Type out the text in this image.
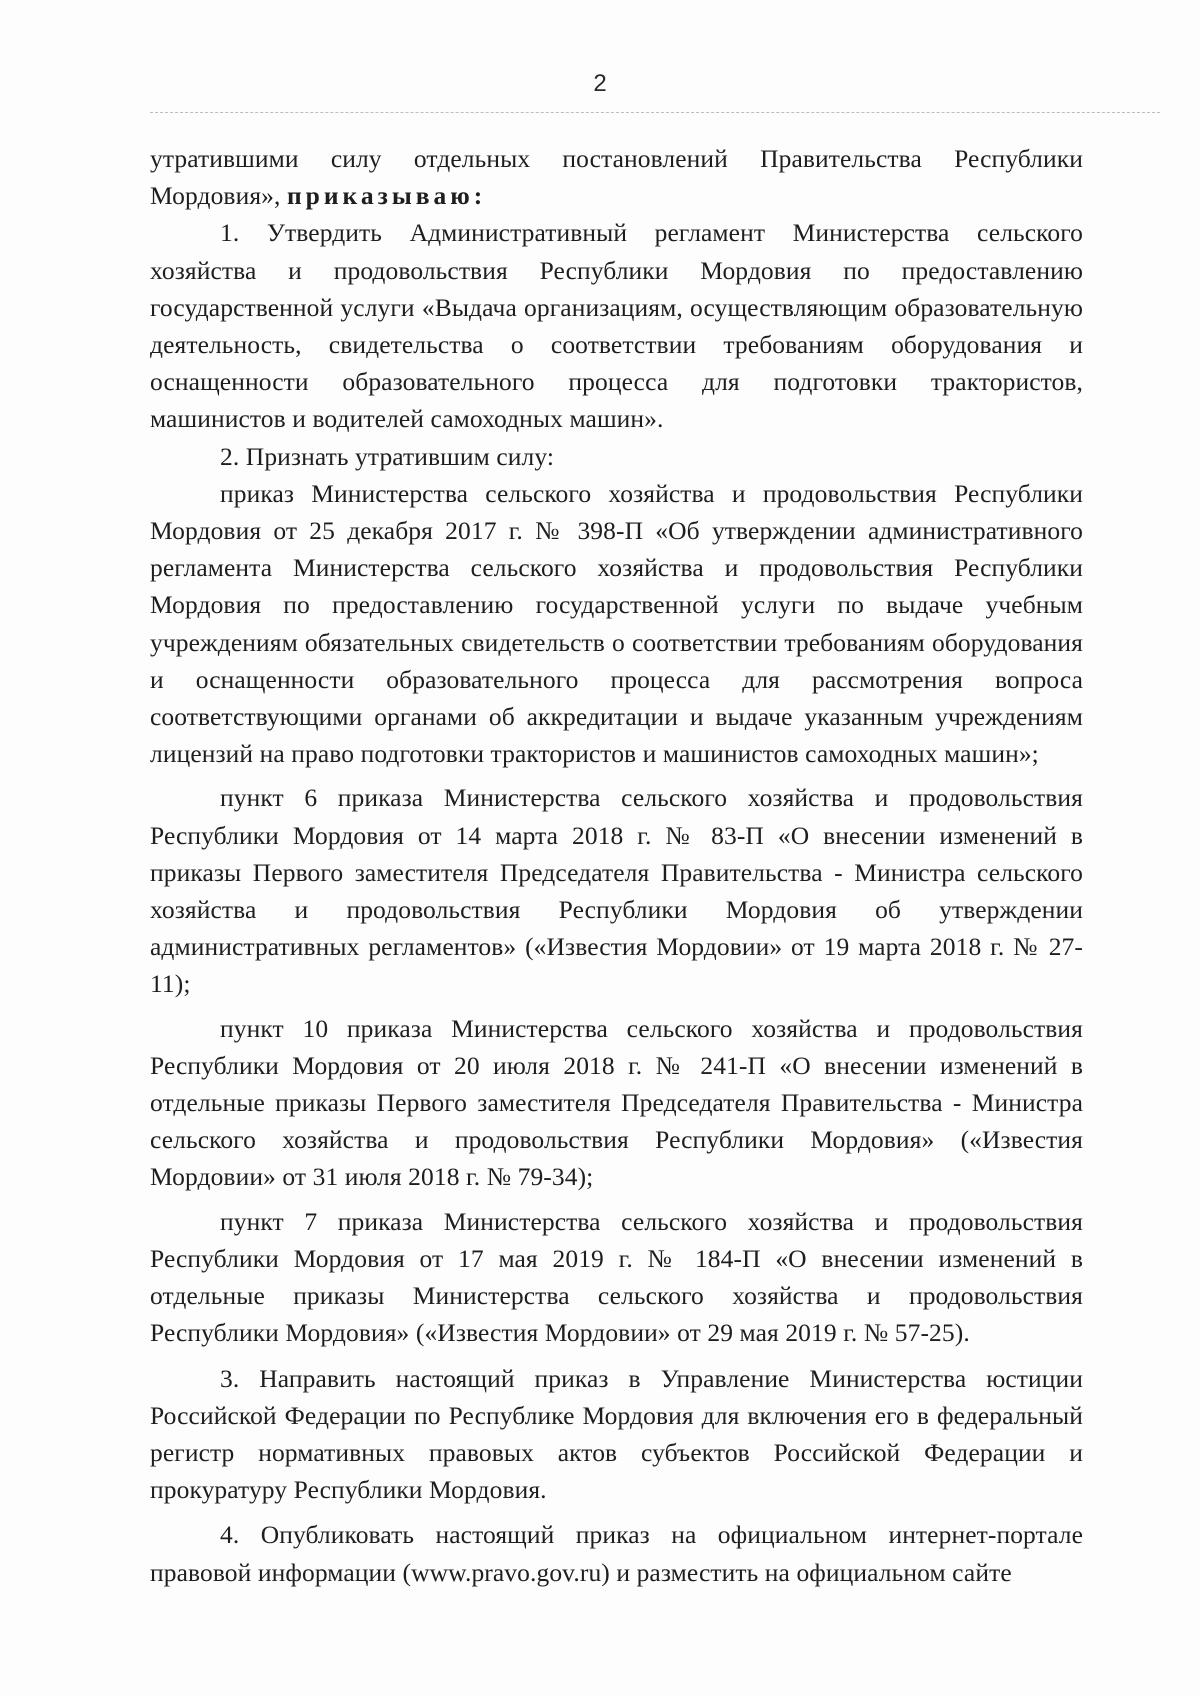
2

утратившими силу отдельных постановлений Правительства Республики Мордовия», приказываю:

1. Утвердить Административный регламент Министерства сельского хозяйства и продовольствия Республики Мордовия по предоставлению государственной услуги «Выдача организациям, осуществляющим образовательную деятельность, свидетельства о соответствии требованиям оборудования и оснащенности образовательного процесса для подготовки трактористов, машинистов и водителей самоходных машин».

2. Признать утратившим силу:

приказ Министерства сельского хозяйства и продовольствия Республики Мордовия от 25 декабря 2017 г. № 398-П «Об утверждении административного регламента Министерства сельского хозяйства и продовольствия Республики Мордовия по предоставлению государственной услуги по выдаче учебным учреждениям обязательных свидетельств о соответствии требованиям оборудования и оснащенности образовательного процесса для рассмотрения вопроса соответствующими органами об аккредитации и выдаче указанным учреждениям лицензий на право подготовки трактористов и машинистов самоходных машин»;

пункт 6 приказа Министерства сельского хозяйства и продовольствия Республики Мордовия от 14 марта 2018 г. № 83-П «О внесении изменений в приказы Первого заместителя Председателя Правительства - Министра сельского хозяйства и продовольствия Республики Мордовия об утверждении административных регламентов» («Известия Мордовии» от 19 марта 2018 г. № 27-11);

пункт 10 приказа Министерства сельского хозяйства и продовольствия Республики Мордовия от 20 июля 2018 г. № 241-П «О внесении изменений в отдельные приказы Первого заместителя Председателя Правительства - Министра сельского хозяйства и продовольствия Республики Мордовия» («Известия Мордовии» от 31 июля 2018 г. № 79-34);

пункт 7 приказа Министерства сельского хозяйства и продовольствия Республики Мордовия от 17 мая 2019 г. № 184-П «О внесении изменений в отдельные приказы Министерства сельского хозяйства и продовольствия Республики Мордовия» («Известия Мордовии» от 29 мая 2019 г. № 57-25).

3. Направить настоящий приказ в Управление Министерства юстиции Российской Федерации по Республике Мордовия для включения его в федеральный регистр нормативных правовых актов субъектов Российской Федерации и прокуратуру Республики Мордовия.

4. Опубликовать настоящий приказ на официальном интернет-портале правовой информации (www.pravo.gov.ru) и разместить на официальном сайте
